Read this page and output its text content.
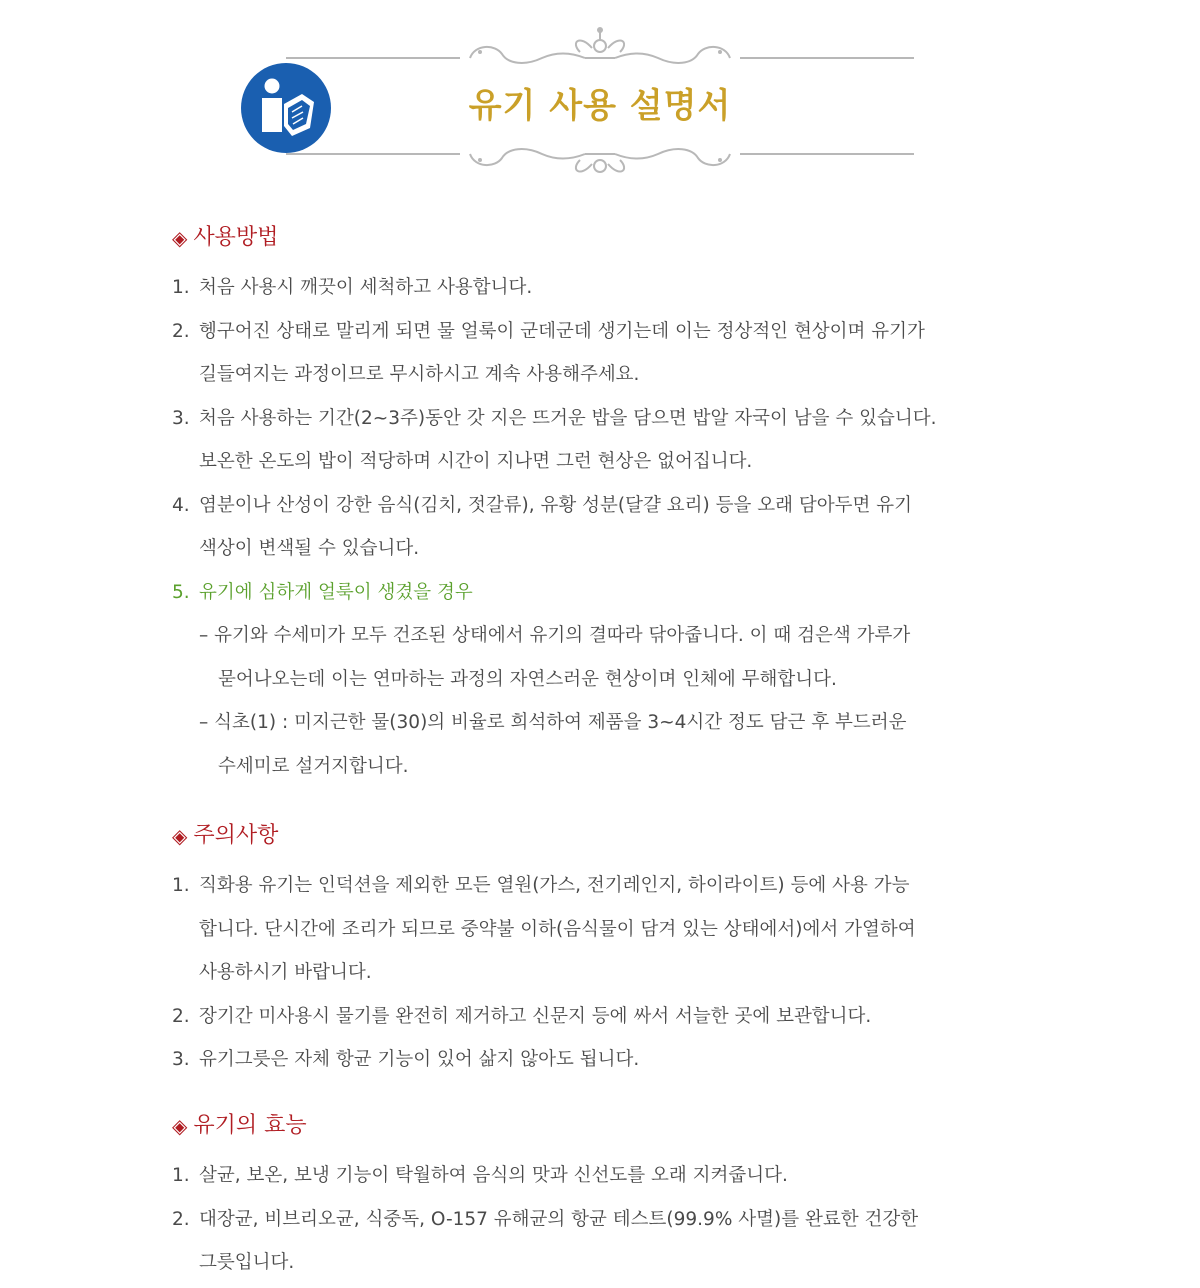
유기 사용 설명서
◈ 사용방법
1. 처음 사용시 깨끗이 세척하고 사용합니다.
2. 헹구어진 상태로 말리게 되면 물 얼룩이 군데군데 생기는데 이는 정상적인 현상이며 유기가
길들여지는 과정이므로 무시하시고 계속 사용해주세요.
3. 처음 사용하는 기간(2~3주)동안 갓 지은 뜨거운 밥을 담으면 밥알 자국이 남을 수 있습니다.
보온한 온도의 밥이 적당하며 시간이 지나면 그런 현상은 없어집니다.
4. 염분이나 산성이 강한 음식(김치, 젓갈류), 유황 성분(달걀 요리) 등을 오래 담아두면 유기
색상이 변색될 수 있습니다.
5. 유기에 심하게 얼룩이 생겼을 경우
– 유기와 수세미가 모두 건조된 상태에서 유기의 결따라 닦아줍니다. 이 때 검은색 가루가
묻어나오는데 이는 연마하는 과정의 자연스러운 현상이며 인체에 무해합니다.
– 식초(1) : 미지근한 물(30)의 비율로 희석하여 제품을 3~4시간 정도 담근 후 부드러운
수세미로 설거지합니다.
◈ 주의사항
1. 직화용 유기는 인덕션을 제외한 모든 열원(가스, 전기레인지, 하이라이트) 등에 사용 가능
합니다. 단시간에 조리가 되므로 중약불 이하(음식물이 담겨 있는 상태에서)에서 가열하여
사용하시기 바랍니다.
2. 장기간 미사용시 물기를 완전히 제거하고 신문지 등에 싸서 서늘한 곳에 보관합니다.
3. 유기그릇은 자체 항균 기능이 있어 삶지 않아도 됩니다.
◈ 유기의 효능
1. 살균, 보온, 보냉 기능이 탁월하여 음식의 맛과 신선도를 오래 지켜줍니다.
2. 대장균, 비브리오균, 식중독, O-157 유해균의 항균 테스트(99.9% 사멸)를 완료한 건강한
그릇입니다.
